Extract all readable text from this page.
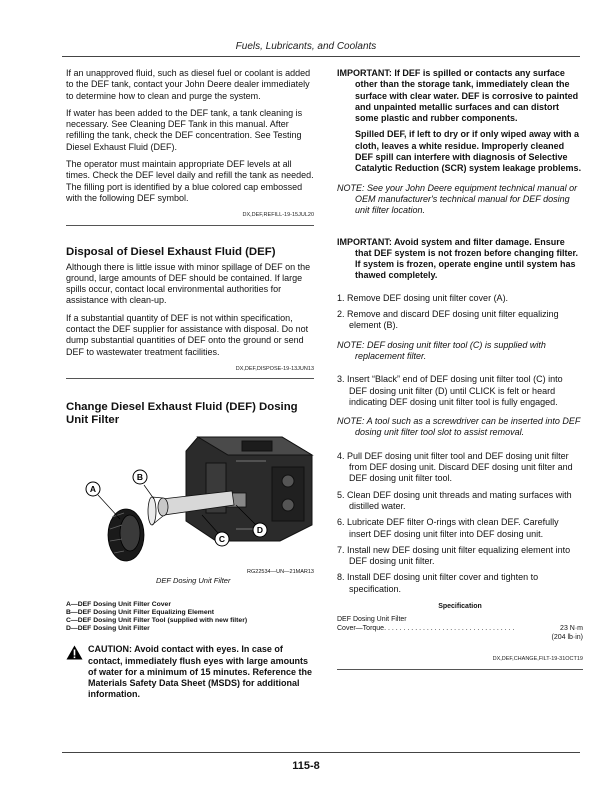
Fuels, Lubricants, and Coolants

If an unapproved fluid, such as diesel fuel or coolant is added to the DEF tank, contact your John Deere dealer immediately to determine how to clean and purge the system.

If water has been added to the DEF tank, a tank cleaning is necessary. See Cleaning DEF Tank in this manual. After refilling the tank, check the DEF concentration. See Testing Diesel Exhaust Fluid (DEF).

The operator must maintain appropriate DEF levels at all times. Check the DEF level daily and refill the tank as needed. The filling port is identified by a blue colored cap embossed with the following DEF symbol.

DX,DEF,REFILL-19-15JUL20
Disposal of Diesel Exhaust Fluid (DEF)

Although there is little issue with minor spillage of DEF on the ground, large amounts of DEF should be contained. If large spills occur, contact local environmental authorities for assistance with clean-up.

If a substantial quantity of DEF is not within specification, contact the DEF supplier for assistance with disposal. Do not dump substantial quantities of DEF onto the ground or send DEF to wastewater treatment facilities.

DX,DEF,DISPOSE-19-13JUN13
Change Diesel Exhaust Fluid (DEF) Dosing Unit Filter
A
B
C
D
RG22534—UN—21MAR13
DEF Dosing Unit Filter
A—DEF Dosing Unit Filter Cover
B—DEF Dosing Unit Filter Equalizing Element
C—DEF Dosing Unit Filter Tool (supplied with new filter)
D—DEF Dosing Unit Filter
CAUTION: Avoid contact with eyes. In case of contact, immediately flush eyes with large amounts of water for a minimum of 15 minutes. Reference the Materials Safety Data Sheet (MSDS) for additional information.
IMPORTANT: If DEF is spilled or contacts any surface other than the storage tank, immediately clean the surface with clear water. DEF is corrosive to painted and unpainted metallic surfaces and can distort some plastic and rubber components.
Spilled DEF, if left to dry or if only wiped away with a cloth, leaves a white residue. Improperly cleaned DEF spill can interfere with diagnosis of Selective Catalytic Reduction (SCR) system leakage problems.
NOTE: See your John Deere equipment technical manual or OEM manufacturer's technical manual for DEF dosing unit filter location.
IMPORTANT: Avoid system and filter damage. Ensure that DEF system is not frozen before changing filter. If system is frozen, operate engine until system has thawed completely.
1. Remove DEF dosing unit filter cover (A).
2. Remove and discard DEF dosing unit filter equalizing element (B).
NOTE: DEF dosing unit filter tool (C) is supplied with replacement filter.
3. Insert “Black” end of DEF dosing unit filter tool (C) into DEF dosing unit filter (D) until CLICK is felt or heard indicating DEF dosing unit filter tool is fully engaged.
NOTE: A tool such as a screwdriver can be inserted into DEF dosing unit filter tool slot to assist removal.
4. Pull DEF dosing unit filter tool and DEF dosing unit filter from DEF dosing unit. Discard DEF dosing unit filter and DEF dosing unit filter tool.
5. Clean DEF dosing unit threads and mating surfaces with distilled water.
6. Lubricate DEF filter O-rings with clean DEF. Carefully insert DEF dosing unit filter into DEF dosing unit.
7. Install new DEF dosing unit filter equalizing element into DEF dosing unit filter.
8. Install DEF dosing unit filter cover and tighten to specification.
Specification
DEF Dosing Unit Filter
Cover—Torque. . . . . . . . . . . . . . . . . . . . . . . . . . . . . . . . . .	23 N·m
(204 lb·in)
DX,DEF,CHANGE,FILT-19-31OCT19
115-8
